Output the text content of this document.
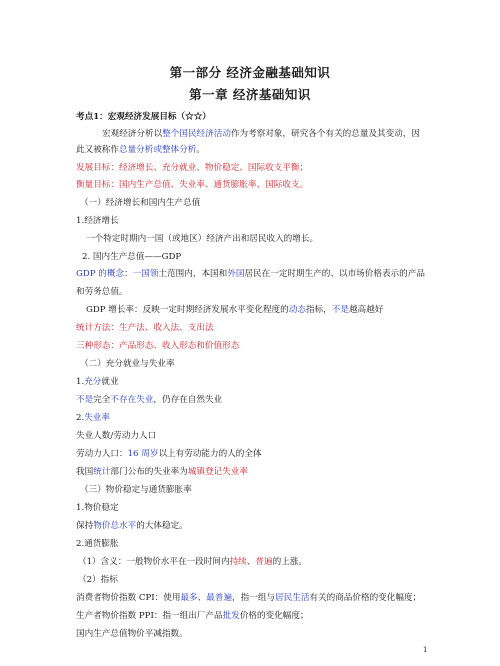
第一部分 经济金融基础知识
第一章 经济基础知识
考点1：宏观经济发展目标（☆☆）
宏观经济分析以整个国民经济活动作为考察对象，研究各个有关的总量及其变动，因
此又被称作总量分析或整体分析。
发展目标：经济增长、充分就业、物价稳定、国际收支平衡；
衡量目标：国内生产总值、失业率、通货膨胀率、国际收支。
（一）经济增长和国内生产总值
1.经济增长
一个特定时期内一国（或地区）经济产出和居民收入的增长。
2. 国内生产总值——GDP
GDP 的概念：一国领土范围内，本国和外国居民在一定时期生产的、以市场价格表示的产品
和劳务总值。
GDP 增长率：反映一定时期经济发展水平变化程度的动态指标，不是越高越好
统计方法：生产法、收入法、支出法
三种形态：产品形态、收入形态和价值形态
（二）充分就业与失业率
1.充分就业
不是完全不存在失业，仍存在自然失业
2.失业率
失业人数/劳动力人口
劳动力人口：16 周岁以上有劳动能力的人的全体
我国统计部门公布的失业率为城镇登记失业率
（三）物价稳定与通货膨胀率
1.物价稳定
保持物价总水平的大体稳定。
2.通货膨胀
（1）含义：一般物价水平在一段时间内持续、普遍的上涨。
（2）指标
消费者物价指数 CPI：使用最多、最普遍，指一组与居民生活有关的商品价格的变化幅度；
生产者物价指数 PPI：指一组出厂产品批发价格的变化幅度；
国内生产总值物价平减指数。
1
